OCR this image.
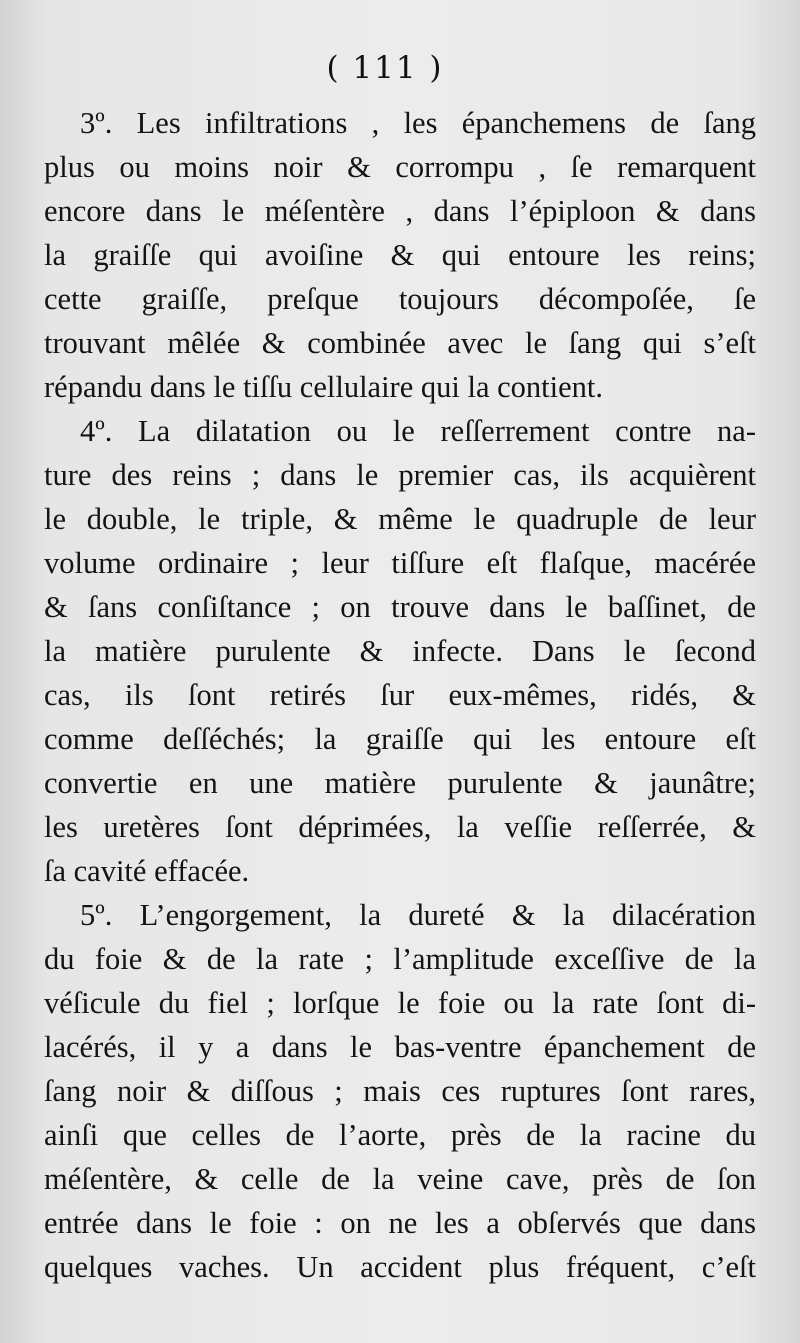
( 111 )
3º. Les infiltrations , les épanchemens de ſang
plus ou moins noir & corrompu , ſe remarquent
encore dans le méſentère , dans l’épiploon & dans
la graiſſe qui avoiſine & qui entoure les reins;
cette graiſſe, preſque toujours décompoſée, ſe
trouvant mêlée & combinée avec le ſang qui s’eſt
répandu dans le tiſſu cellulaire qui la contient.
4º. La dilatation ou le reſſerrement contre na-
ture des reins ; dans le premier cas, ils acquièrent
le double, le triple, & même le quadruple de leur
volume ordinaire ; leur tiſſure eſt flaſque, macérée
& ſans conſiſtance ; on trouve dans le baſſinet, de
la matière purulente & infecte. Dans le ſecond
cas, ils ſont retirés ſur eux-mêmes, ridés, &
comme deſſéchés; la graiſſe qui les entoure eſt
convertie en une matière purulente & jaunâtre;
les uretères ſont déprimées, la veſſie reſſerrée, &
ſa cavité effacée.
5º. L’engorgement, la dureté & la dilacération
du foie & de la rate ; l’amplitude exceſſive de la
véſicule du fiel ; lorſque le foie ou la rate ſont di-
lacérés, il y a dans le bas-ventre épanchement de
ſang noir & diſſous ; mais ces ruptures ſont rares,
ainſi que celles de l’aorte, près de la racine du
méſentère, & celle de la veine cave, près de ſon
entrée dans le foie : on ne les a obſervés que dans
quelques vaches. Un accident plus fréquent, c’eſt
